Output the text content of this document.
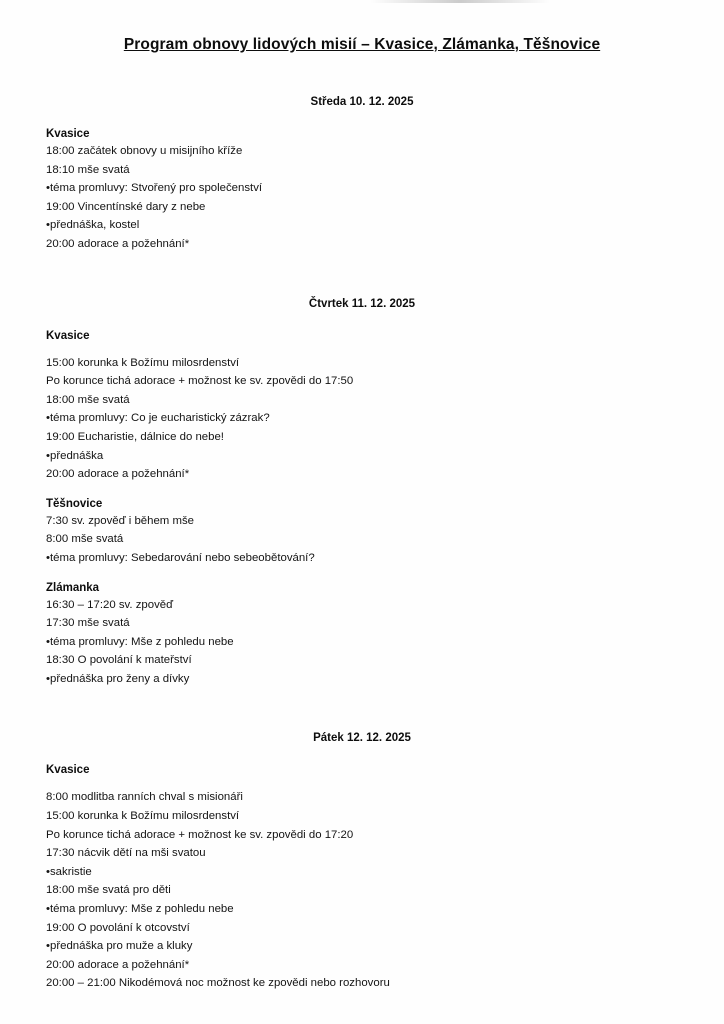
Program obnovy lidových misií – Kvasice, Zlámanka, Těšnovice
Středa 10. 12. 2025
Kvasice
18:00 začátek obnovy u misijního kříže
18:10 mše svatá
•téma promluvy: Stvořený pro společenství
19:00 Vincentínské dary z nebe
•přednáška, kostel
20:00 adorace a požehnání*
Čtvrtek 11. 12. 2025
Kvasice
15:00 korunka k Božímu milosrdenství
Po korunce tichá adorace + možnost ke sv. zpovědi do 17:50
18:00 mše svatá
•téma promluvy: Co je eucharistický zázrak?
19:00 Eucharistie, dálnice do nebe!
•přednáška
20:00 adorace a požehnání*
Těšnovice
7:30 sv. zpověď i během mše
8:00 mše svatá
•téma promluvy: Sebedarování nebo sebeobětování?
Zlámanka
16:30 – 17:20 sv. zpověď
17:30 mše svatá
•téma promluvy: Mše z pohledu nebe
18:30 O povolání k mateřství
•přednáška pro ženy a dívky
Pátek 12. 12. 2025
Kvasice
8:00 modlitba ranních chval s misionáři
15:00 korunka k Božímu milosrdenství
Po korunce tichá adorace + možnost ke sv. zpovědi do 17:20
17:30 nácvik dětí na mši svatou
•sakristie
18:00 mše svatá pro děti
•téma promluvy: Mše z pohledu nebe
19:00 O povolání k otcovství
•přednáška pro muže a kluky
20:00 adorace a požehnání*
20:00 – 21:00 Nikodémová noc možnost ke zpovědi nebo rozhovoru
